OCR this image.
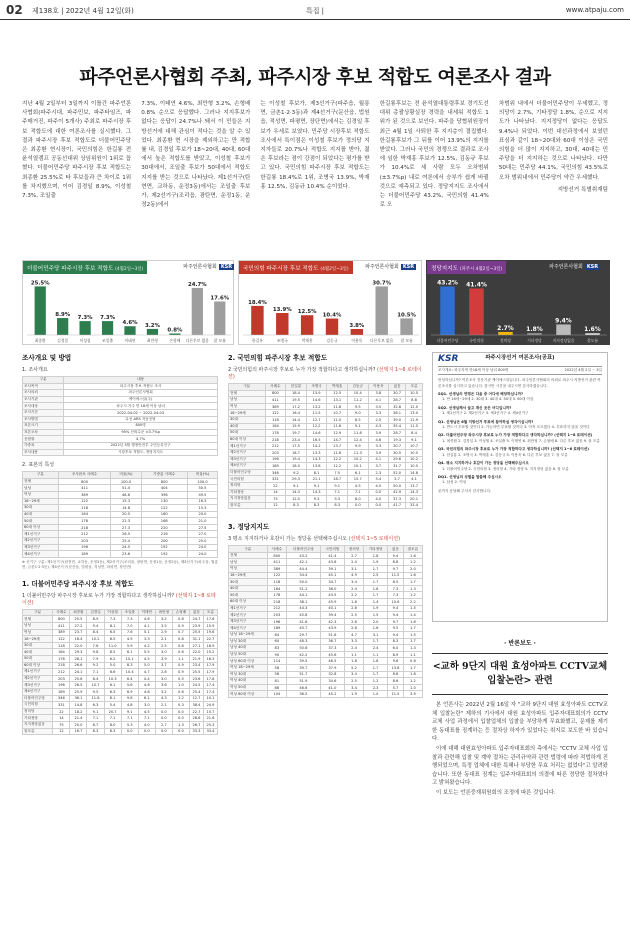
02 제138호 | 2022년 4월 12일(화)	특집 |	www.atpaju.com
파주언론사협회 주최, 파주시장 후보 적합도 여론조사 결과
지난 4월 2일부터 3일까지 이틀간 파주언론사협회(파주시대, 파주민보, 파주타임즈, 파주매거진, 파주이 5개사) 주최로 파주시장 후보 적합도에 대한 여론조사를 실시했다. 그 결과 파주시장 후보 적합도로 더불어민주당은 최종환 현시장이, 국민의힘은 한길룡 전 윤석열캠프 공동선대위 상임위원이 1위로 꼽혔다. 더불어민주당 파주시장 후보 적합도는 최종환 25.5%로 타 후보들과 큰 차이로 1위를 차지했으며, 이어 김경일 8.9%, 이성철 7.3%, 조일출
7.3%, 이태연 4.6%, 최만형 3.2%, 손형배 0.8% 순으로 응답했다. 그러나 지지후보가 없다는 응답이 24.7%나 돼서 이 민들은 지방선거에 대해 관심이 적다는 것을 알 수 있었다. 최종환 현 시장을 제외하고는 만 적합률 내, 김경일 후보가 18~20대, 40대, 60대에서 높은 적합도를 받았고, 이성철 후보가 30대에서, 조일출 후보가 50대에서 적합도 지지를 받는 것으로 나타났다. 제1선거구(탄현면, 교하동, 운정3동)에서는 조일출 후보가, 제2선거구(조리읍, 광탄면, 운정1동, 운정2동)에서
는 이성철 후보가, 제3선거구(파주읍, 월롱면, 금촌1·2·3동)과 제4선거구(문산읍, 법원읍, 적성면, 파평면, 장단면)에서는 김경일 후보가 우세로 보였다. 민주당 시장후보 적합도 조사에서 특이점은 이성철 후보가 정의당 지지자들로 20.7%나 적합도 지지를 받아, 젊은 후보라는 점이 강점이 되었다는 평가를 받고 있다. 국민의힘 파주시장 후보 적합도는 한길룡 18.4%로 1위, 조병국 13.9%, 박재홍 12.5%, 김동규 10.4% 순이었다.
한길룡후보는 전 윤석열대통령후보 경기도선대위 총괄상황실장 경력을 내세워 적합도 1위가 된 것으로 보인다. 파주을 당협위원장이 최근 4월 1일 사퇴한 후 지지층이 결집했다. 한길룡후보가 그 뒤를 이어 13.9%의 지지를 받았다. 그러나 국민의 경쟁으로 결과로 조사에 임한 박재홍 후보가 12.5%, 김동규 후보가 10.4%로 세 사람 모두 오차범위(±3.7%p) 내로 여론에서 승부가 쉽게 바뀔 것으로 예측되고 있다. 정당지지도 조사에서는 더불어민주당 43.2%, 국민의힘 41.4%로 오
차범위 내에서 더불어민주당이 우세했고, 정의당이 2.7%, 기타정당 1.8%, 순으로 지지도가 나타났다. 지지정당이 없다는 응답도 9.4%나 되었다. 이번 대선과정에서 보였던 표심과 같이 18~20대와 60대 이상은 국민의힘을 더 많이 지지하고, 30대, 40대는 민주당을 더 지지하는 것으로 나타났다. 다만 50대는 민주당 44.1%, 국민의힘 43.5%로 오차 범위내에서 민주당이 약간 우세했다.
지방선거 특별취재팀
더불어민주당 파주시장 후보 적합도 (4월2일~3일)	파주언론사협회 KSR
25.5%
최종환
8.9%
김경일
7.3%
이성철
7.3%
조일출
4.6%
이태연
3.2%
최만형
0.8%
손형배
24.7%
다른후보 없음
17.6%
잘 모름
국민의힘 파주시장 후보 적합도 (4월2일~3일)	파주언론사협회 KSR
18.4%
한길룡
13.9%
조병국
12.5%
박재홍
10.4%
김동규
3.8%
이용욱
30.7%
다른후보 없음
10.5%
잘 모름
정당지지도 (파주시 4월2일~3일)	파주언론사협회 KSR
43.2%
더불어민주당
41.4%
국민의힘
2.7%
정의당
1.8%
기타정당
9.4%
지지정당없음
1.6%
잘모름
조사개요 및 방법
1. 조사개요
구분	내용
조사목적	파주시장 후보 적합도 조사
조사의뢰	파주언론사협회
조사기관	케이에스알(주)
조사대상	파주시 거주 만 18세 이상 남녀
조사기간	2022-04-02 ~ 2022-04-03
조사방법	무선 ARS 자동응답
표본크기	800명
표본오차	95% 신뢰수준 ±3.7%p
응답률	4.7%
가중치	2022년 3월 행정안전부 주민등록인구
조사내용	시장후보 적합도, 정당지지도
2. 표본의 특성
구분	조사완료 사례수	비율(%)	가중값 사례수	비율(%)
전체	800	100.0	800	100.0
남성	411	51.4	404	50.5
여성	389	48.6	396	49.5
18~29세	122	15.3	130	16.3
30대	118	14.8	122	15.3
40대	164	20.5	160	20.0
50대	178	22.3	168	21.0
60대 이상	218	27.3	220	27.5
제1선거구	212	26.5	216	27.0
제2선거구	203	25.4	200	25.0
제3선거구	196	24.5	192	24.0
제4선거구	189	23.6	192	24.0
※ 선거구 구분: 제1선거구(탄현면, 교하동, 운정3동), 제2선거구(조리읍, 광탄면, 운정1동, 운정2동), 제3선거구(파주읍, 월롱면, 금촌1·2·3동), 제4선거구(문산읍, 법원읍, 적성면, 파평면, 장단면)
1. 더불어민주당 파주시장 후보 적합도
1 더불어민주당 파주시장 후보로 누가 가장 적합하다고 생각하십니까? (선택지 1~8 로테이션)
구분	사례수	최종환	김경일	이성철	조일출	이태연	최만형	손형배	없음	모름
전체	800	25.5	8.9	7.3	7.3	4.6	3.2	0.8	24.7	17.6
남성	411	27.2	9.4	8.1	7.0	4.1	3.5	0.9	23.9	15.9
여성	389	23.7	8.4	6.5	7.6	5.1	2.9	0.7	25.5	19.6
18~29세	122	18.4	10.2	6.5	4.9	3.3	2.1	0.8	31.1	22.7
30대	118	22.0	7.6	11.0	5.9	4.2	2.5	0.8	27.1	18.9
40대	164	29.3	9.8	8.5	6.1	5.5	3.0	0.6	22.0	15.2
50대	178	28.1	7.9	6.2	10.1	4.5	3.9	1.1	21.9	16.3
60대 이상	218	26.6	9.2	5.0	8.3	5.0	3.7	0.9	23.4	17.9
제1선거구	212	24.1	7.1	6.6	10.4	4.7	2.8	0.9	25.5	17.9
제2선거구	203	25.6	8.4	10.3	6.4	4.4	3.0	0.5	23.6	17.8
제3선거구	196	26.5	10.7	6.1	5.6	4.6	3.6	1.0	24.5	17.4
제4선거구	189	25.9	9.5	6.3	6.9	4.8	3.2	0.6	25.4	17.4
더불어민주당	346	36.1	11.6	8.1	9.8	6.1	4.3	1.2	12.7	10.1
국민의힘	331	14.8	6.3	5.4	4.8	3.0	2.1	0.3	38.4	24.9
정의당	22	18.2	9.1	20.7	9.1	4.5	0.0	0.0	22.7	15.7
기타정당	14	21.4	7.1	7.1	7.1	7.1	0.0	0.0	28.6	21.6
지지정당없음	75	20.0	6.7	8.0	5.3	4.0	2.7	1.3	26.7	25.3
잘모름	12	16.7	8.3	8.3	0.0	0.0	0.0	0.0	33.3	33.4
2. 국민의힘 파주시장 후보 적합도
2 국민의힘의 파주시장 후보로 누가 가장 적합하다고 생각하십니까? (선택지 1~6 로테이션)
구분	사례수	한길룡	조병국	박재홍	김동규	이용욱	없음	모름
전체	800	18.4	13.9	12.5	10.4	3.8	30.7	10.5
남성	411	19.5	14.6	13.1	11.2	4.1	28.7	8.8
여성	389	17.2	13.2	11.8	9.5	3.5	32.8	12.0
18~29세	122	16.4	11.5	10.7	9.0	3.3	36.1	13.0
30대	118	14.4	12.7	11.0	8.5	2.5	39.0	11.9
40대	164	15.9	12.2	11.6	9.1	4.3	35.4	11.5
50대	178	19.7	14.6	12.9	11.8	3.9	28.7	8.4
60대 이상	218	23.4	16.5	14.7	12.4	4.6	19.3	9.1
제1선거구	212	17.5	14.2	13.7	9.9	3.3	30.7	10.7
제2선거구	203	18.7	13.3	11.8	11.3	3.9	30.5	10.5
제3선거구	196	19.4	14.3	12.2	10.2	4.1	29.6	10.2
제4선거구	189	18.0	13.8	12.2	10.1	3.7	31.7	10.5
더불어민주당	346	9.2	8.1	7.5	6.1	2.3	52.0	14.8
국민의힘	331	29.3	21.1	18.7	15.7	5.4	5.7	4.1
정의당	22	9.1	9.1	9.1	4.5	4.5	50.0	13.7
기타정당	14	14.3	14.3	7.1	7.1	0.0	42.9	14.3
지지정당없음	75	12.0	9.3	9.3	8.0	4.0	37.3	20.1
잘모름	12	8.3	8.3	8.3	0.0	0.0	41.7	33.4
3. 정당지지도
3 평소 지지하거나 호감이 가는 정당을 선택해주십시오 (선택지 1~5 로테이션)
구분	사례수	더불어민주당	국민의힘	정의당	기타정당	없음	잘모름
전체	800	43.2	41.4	2.7	1.8	9.4	1.6
남성	411	42.1	43.6	2.4	1.9	8.8	1.2
여성	389	44.4	39.1	3.1	1.7	9.7	2.0
18~29세	122	34.4	45.1	4.9	2.5	11.5	1.6
30대	118	50.0	34.7	3.4	1.7	8.5	1.7
40대	164	51.2	36.0	2.4	1.8	7.3	1.3
50대	178	44.1	43.5	2.2	1.7	7.3	1.2
60대 이상	218	38.1	45.9	1.8	1.4	10.6	2.2
제1선거구	212	44.3	40.1	2.8	1.9	9.4	1.5
제2선거구	203	45.8	39.4	2.5	1.5	9.4	1.4
제3선거구	196	41.8	42.3	2.6	2.0	9.7	1.6
제4선거구	189	40.7	43.9	2.6	1.6	9.5	1.7
남성 18~29세	64	29.7	51.6	4.7	3.1	9.4	1.5
남성 30대	60	48.3	36.7	3.3	1.7	8.3	1.7
남성 40대	83	50.6	37.3	2.4	2.4	6.0	1.3
남성 50대	90	42.2	45.6	1.1	1.1	8.9	1.1
남성 60대 이상	114	39.5	46.5	1.8	1.8	9.6	0.8
여성 18~29세	58	39.7	37.9	5.2	1.7	13.8	1.7
여성 30대	58	51.7	32.8	3.4	1.7	8.6	1.8
여성 40대	81	51.9	34.6	2.5	1.2	8.6	1.2
여성 50대	88	46.6	41.0	3.4	2.3	5.7	1.0
여성 60대 이상	104	36.5	45.2	1.9	1.0	11.5	3.9
KSR	파주시장선거 여론조사(공표)
조사개요: 파주지역 만18세 이상 남녀 800명	2022년 4월 2일 ~ 3일
안녕하십니까? 여론조사 전문기관 케이에스알입니다. 파주언론사협회의 의뢰로 파주시 지방선거 관련 여론조사를 실시하고 있습니다. 잠시만 시간을 내주시면 감사하겠습니다.
SQ1. 선생님의 연령은 다음 중 어디에 해당하십니까?
1. 만 18세~29세 2. 30대 3. 40대 4. 50대 5. 60대 이상
SQ2. 선생님께서 살고 계신 곳은 어디입니까?
1. 제1선거구 2. 제2선거구 3. 제3선거구 4. 제4선거구
Q1. 선생님은 6월 지방선거 투표에 참여하실 생각이십니까?
1. 반드시 투표할 것이다 2. 가능하면 투표할 것이다 3. 아직 모르겠다 4. 투표하지 않을 것이다
Q2. 더불어민주당 파주시장 후보로 누가 가장 적합하다고 생각하십니까? (선택지 1~8 로테이션)
1. 최종환 2. 김경일 3. 이성철 4. 조일출 5. 이태연 6. 최만형 7. 손형배 8. 다른 후보 없음 9. 잘 모름
Q3. 국민의힘의 파주시장 후보로 누가 가장 적합하다고 생각하십니까? (선택지 1~6 로테이션)
1. 한길룡 2. 조병국 3. 박재홍 4. 김동규 5. 이용욱 6. 다른 후보 없음 7. 잘 모름
Q4. 평소 지지하거나 호감이 가는 정당을 선택해주십시오
1. 더불어민주당 2. 국민의힘 3. 정의당 4. 기타 정당 5. 지지정당 없음 6. 잘 모름
DQ1. 선생님의 성별을 말씀해 주십시오
1. 남성 2. 여성
끝까지 응답해 주셔서 감사합니다.
· 반론보도 ·
<교하 9단지 대원 효성아파트 CCTV교체 입찰논란> 관련

본 언론사는 2022년 2월 16일 자 "교하 9단지 대원 효성아파트 CCTV교체 입찰논란" 제하의 기사에서 대원 효성아파트 입주자대표회의가 CCTV 교체 사업 과정에서 입찰업체의 입찰을 부당하게 무효화했고, 문제를 제기한 동대표를 징계하는 등 절차상 하자가 있었다는 취지로 보도한 바 있습니다.

이에 대해 대원효성아파트 입주자대표회의 측에서는 "CCTV 교체 사업 입찰과 관련해 입찰 및 계약 절차는 관리규약과 관련 법령에 따라 적법하게 진행되었으며, 특정 업체에 대한 특혜나 부당한 무효 처리는 없었다"고 알려왔습니다. 또한 동대표 징계는 입주자대표회의 의결에 따른 정당한 절차였다고 밝혀왔습니다.

이 보도는 언론중재위원회의 조정에 따른 것입니다.
